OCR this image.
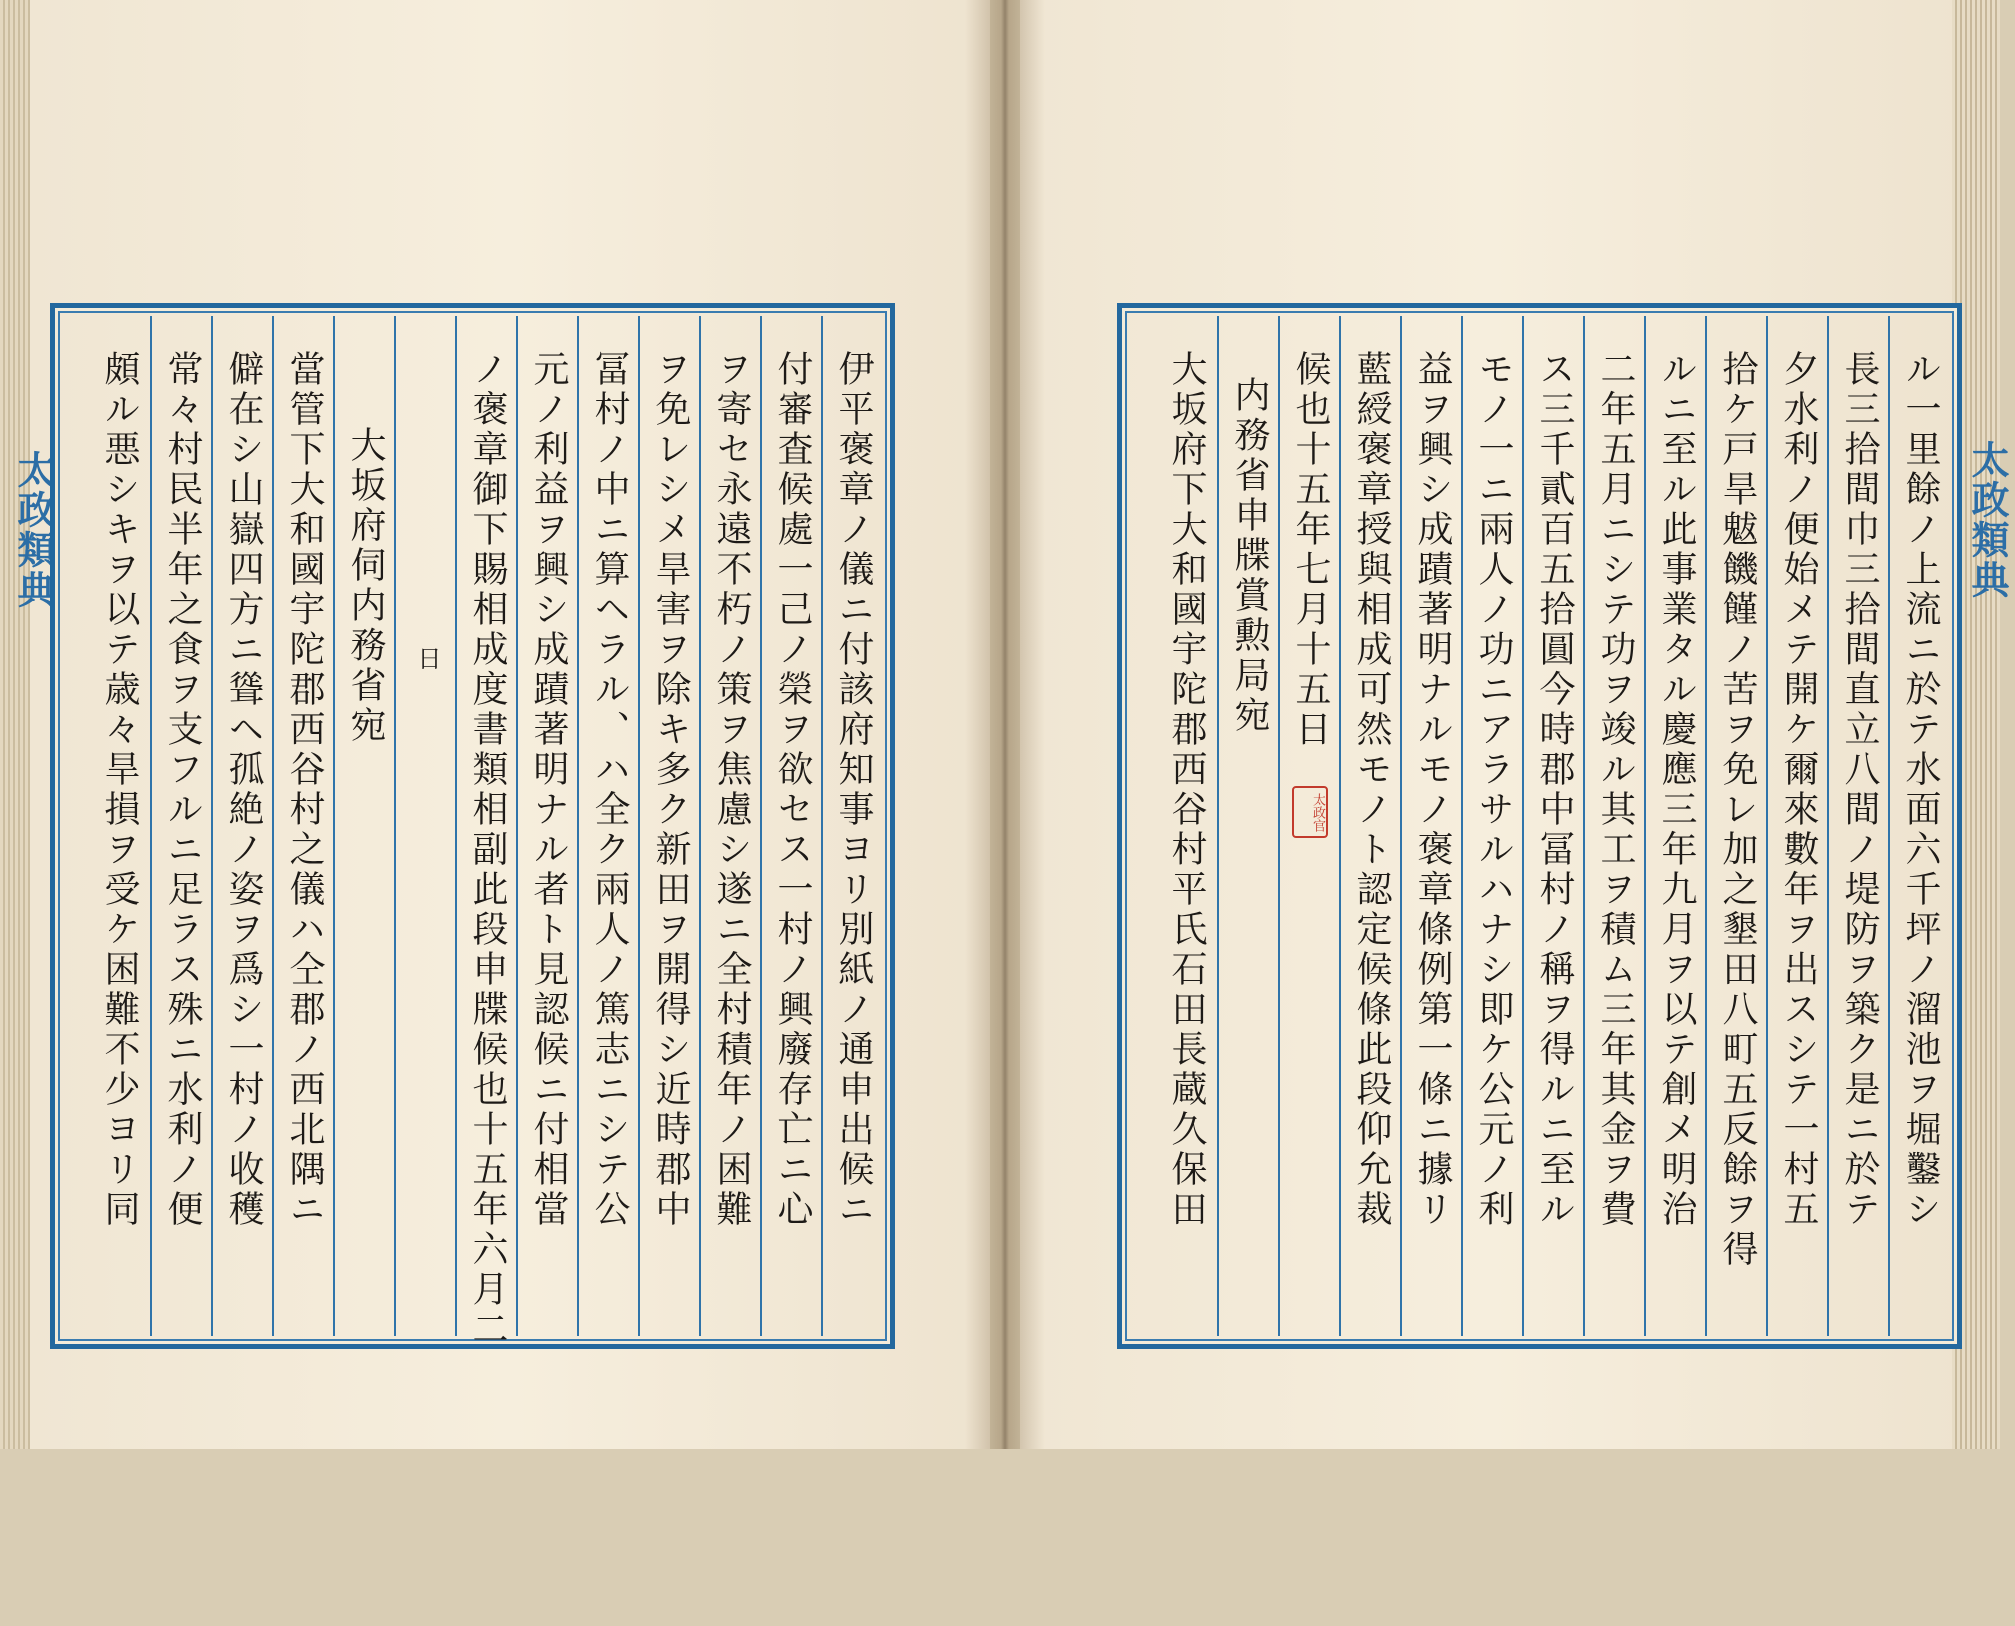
太政類典	太政類典
伊平褒章ノ儀ニ付該府知事ヨリ別紙ノ通申出候ニ
付審査候處一己ノ榮ヲ欲セス一村ノ興廢存亡ニ心
ヲ寄セ永遠不朽ノ策ヲ焦慮シ遂ニ全村積年ノ困難
ヲ免レシメ旱害ヲ除キ多ク新田ヲ開得シ近時郡中
冨村ノ中ニ算ヘラル、ハ全ク兩人ノ篤志ニシテ公
元ノ利益ヲ興シ成蹟著明ナル者ト見認候ニ付相當
ノ褒章御下賜相成度書類相副此段申牒候也十五年六月二
日
大坂府伺内務省宛
當管下大和國宇陀郡西谷村之儀ハ仝郡ノ西北隅ニ
僻在シ山嶽四方ニ聳ヘ孤絶ノ姿ヲ爲シ一村ノ收穫
常々村民半年之食ヲ支フルニ足ラス殊ニ水利ノ便
頗ル悪シキヲ以テ歳々旱損ヲ受ケ困難不少ヨリ同	ル一里餘ノ上流ニ於テ水面六千坪ノ溜池ヲ堀鑿シ
長三拾間巾三拾間直立八間ノ堤防ヲ築ク是ニ於テ
夕水利ノ便始メテ開ケ爾來數年ヲ出スシテ一村五
拾ケ戸旱魃饑饉ノ苦ヲ免レ加之墾田八町五反餘ヲ得
ルニ至ル此事業タル慶應三年九月ヲ以テ創メ明治
二年五月ニシテ功ヲ竣ル其工ヲ積ム三年其金ヲ費
ス三千貳百五拾圓今時郡中冨村ノ稱ヲ得ルニ至ル
モノ一ニ兩人ノ功ニアラサルハナシ即ケ公元ノ利
益ヲ興シ成蹟著明ナルモノ褒章條例第一條ニ據リ
藍綬褒章授與相成可然モノト認定候條此段仰允裁
候也十五年七月十五日
太政官
内務省申牒賞勲局宛
大坂府下大和國宇陀郡西谷村平氏石田長蔵久保田
